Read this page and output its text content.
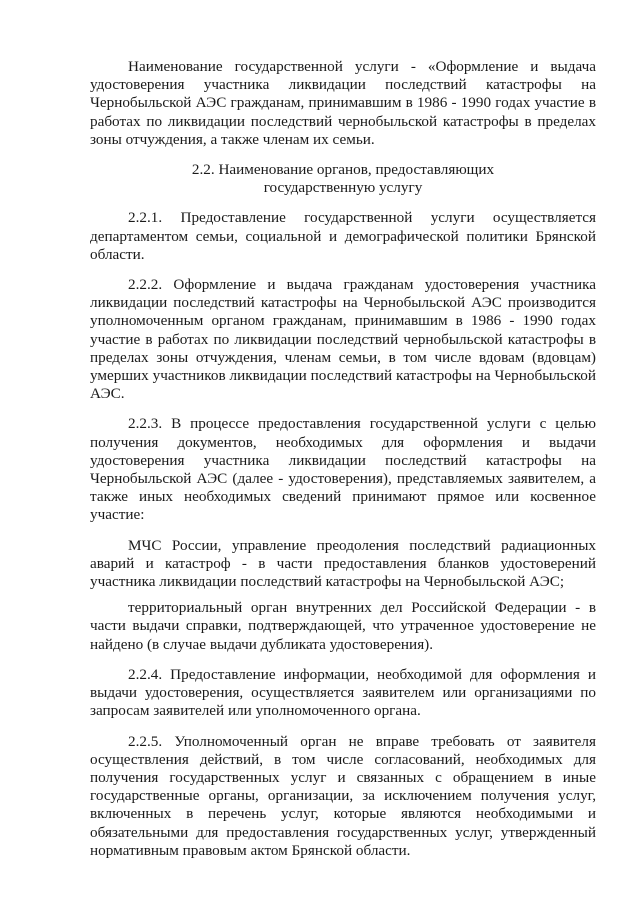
Наименование государственной услуги - «Оформление и выдача удостоверения участника ликвидации последствий катастрофы на Чернобыльской АЭС гражданам, принимавшим в 1986 - 1990 годах участие в работах по ликвидации последствий чернобыльской катастрофы в пределах зоны отчуждения, а также членам их семьи.

2.2. Наименование органов, предоставляющих

государственную услугу

2.2.1. Предоставление государственной услуги осуществляется департаментом семьи, социальной и демографической политики Брянской области.

2.2.2. Оформление и выдача гражданам удостоверения участника ликвидации последствий катастрофы на Чернобыльской АЭС производится уполномоченным органом гражданам, принимавшим в 1986 - 1990 годах участие в работах по ликвидации последствий чернобыльской катастрофы в пределах зоны отчуждения, членам семьи, в том числе вдовам (вдовцам) умерших участников ликвидации последствий катастрофы на Чернобыльской АЭС.

2.2.3. В процессе предоставления государственной услуги с целью получения документов, необходимых для оформления и выдачи удостоверения участника ликвидации последствий катастрофы на Чернобыльской АЭС (далее - удостоверения), представляемых заявителем, а также иных необходимых сведений принимают прямое или косвенное участие:

МЧС России, управление преодоления последствий радиационных аварий и катастроф - в части предоставления бланков удостоверений участника ликвидации последствий катастрофы на Чернобыльской АЭС;

территориальный орган внутренних дел Российской Федерации - в части выдачи справки, подтверждающей, что утраченное удостоверение не найдено (в случае выдачи дубликата удостоверения).

2.2.4. Предоставление информации, необходимой для оформления и выдачи удостоверения, осуществляется заявителем или организациями по запросам заявителей или уполномоченного органа.

2.2.5. Уполномоченный орган не вправе требовать от заявителя осуществления действий, в том числе согласований, необходимых для получения государственных услуг и связанных с обращением в иные государственные органы, организации, за исключением получения услуг, включенных в перечень услуг, которые являются необходимыми и обязательными для предоставления государственных услуг, утвержденный нормативным правовым актом Брянской области.
